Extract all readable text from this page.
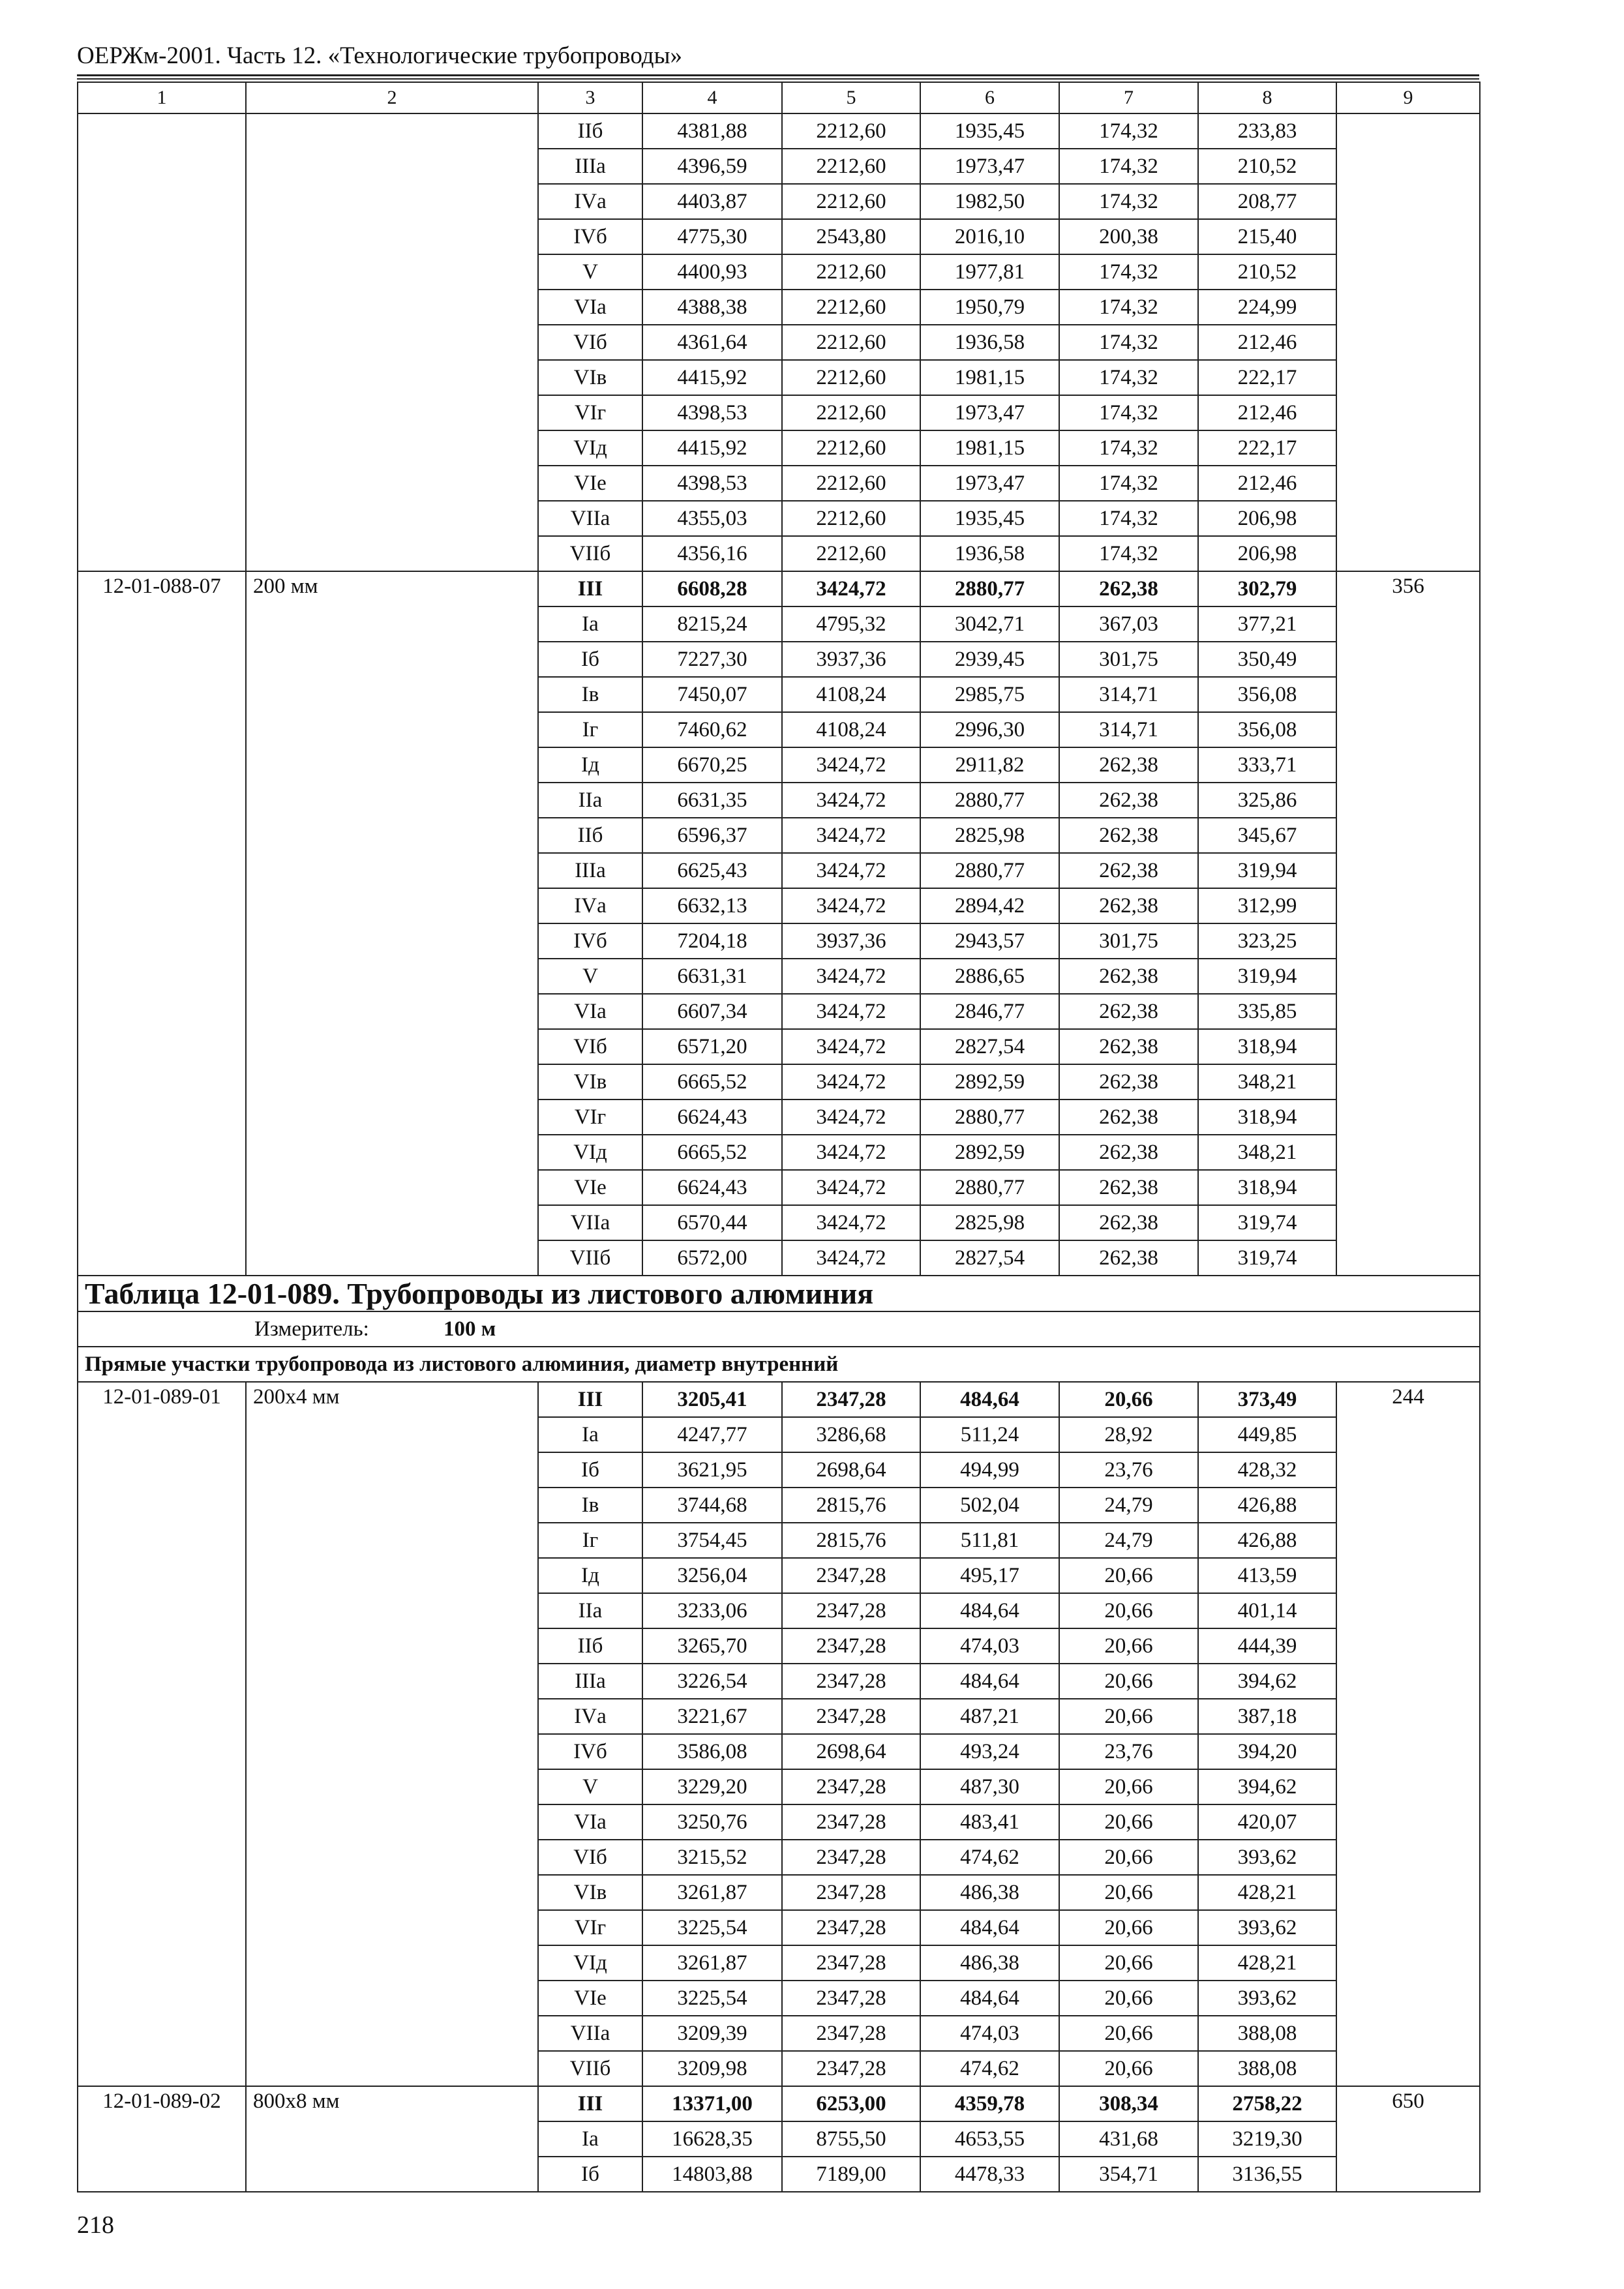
ОЕРЖм-2001. Часть 12. «Технологические трубопроводы»
1	2	3	4	5	6	7	8	9
		IIб	4381,88	2212,60	1935,45	174,32	233,83	
		IIIа	4396,59	2212,60	1973,47	174,32	210,52	
		IVа	4403,87	2212,60	1982,50	174,32	208,77	
		IVб	4775,30	2543,80	2016,10	200,38	215,40	
		V	4400,93	2212,60	1977,81	174,32	210,52	
		VIа	4388,38	2212,60	1950,79	174,32	224,99	
		VIб	4361,64	2212,60	1936,58	174,32	212,46	
		VIв	4415,92	2212,60	1981,15	174,32	222,17	
		VIг	4398,53	2212,60	1973,47	174,32	212,46	
		VIд	4415,92	2212,60	1981,15	174,32	222,17	
		VIе	4398,53	2212,60	1973,47	174,32	212,46	
		VIIа	4355,03	2212,60	1935,45	174,32	206,98	
		VIIб	4356,16	2212,60	1936,58	174,32	206,98	
12-01-088-07	200 мм	III	6608,28	3424,72	2880,77	262,38	302,79	356
		Iа	8215,24	4795,32	3042,71	367,03	377,21	
		Iб	7227,30	3937,36	2939,45	301,75	350,49	
		Iв	7450,07	4108,24	2985,75	314,71	356,08	
		Iг	7460,62	4108,24	2996,30	314,71	356,08	
		Iд	6670,25	3424,72	2911,82	262,38	333,71	
		IIа	6631,35	3424,72	2880,77	262,38	325,86	
		IIб	6596,37	3424,72	2825,98	262,38	345,67	
		IIIа	6625,43	3424,72	2880,77	262,38	319,94	
		IVа	6632,13	3424,72	2894,42	262,38	312,99	
		IVб	7204,18	3937,36	2943,57	301,75	323,25	
		V	6631,31	3424,72	2886,65	262,38	319,94	
		VIа	6607,34	3424,72	2846,77	262,38	335,85	
		VIб	6571,20	3424,72	2827,54	262,38	318,94	
		VIв	6665,52	3424,72	2892,59	262,38	348,21	
		VIг	6624,43	3424,72	2880,77	262,38	318,94	
		VIд	6665,52	3424,72	2892,59	262,38	348,21	
		VIе	6624,43	3424,72	2880,77	262,38	318,94	
		VIIа	6570,44	3424,72	2825,98	262,38	319,74	
		VIIб	6572,00	3424,72	2827,54	262,38	319,74	
Таблица 12-01-089. Трубопроводы из листового алюминия								
Измеритель: 100 м								
Прямые участки трубопровода из листового алюминия, диаметр внутренний								
12-01-089-01	200х4 мм	III	3205,41	2347,28	484,64	20,66	373,49	244
		Iа	4247,77	3286,68	511,24	28,92	449,85	
		Iб	3621,95	2698,64	494,99	23,76	428,32	
		Iв	3744,68	2815,76	502,04	24,79	426,88	
		Iг	3754,45	2815,76	511,81	24,79	426,88	
		Iд	3256,04	2347,28	495,17	20,66	413,59	
		IIа	3233,06	2347,28	484,64	20,66	401,14	
		IIб	3265,70	2347,28	474,03	20,66	444,39	
		IIIа	3226,54	2347,28	484,64	20,66	394,62	
		IVа	3221,67	2347,28	487,21	20,66	387,18	
		IVб	3586,08	2698,64	493,24	23,76	394,20	
		V	3229,20	2347,28	487,30	20,66	394,62	
		VIа	3250,76	2347,28	483,41	20,66	420,07	
		VIб	3215,52	2347,28	474,62	20,66	393,62	
		VIв	3261,87	2347,28	486,38	20,66	428,21	
		VIг	3225,54	2347,28	484,64	20,66	393,62	
		VIд	3261,87	2347,28	486,38	20,66	428,21	
		VIе	3225,54	2347,28	484,64	20,66	393,62	
		VIIа	3209,39	2347,28	474,03	20,66	388,08	
		VIIб	3209,98	2347,28	474,62	20,66	388,08	
12-01-089-02	800х8 мм	III	13371,00	6253,00	4359,78	308,34	2758,22	650
		Iа	16628,35	8755,50	4653,55	431,68	3219,30	
		Iб	14803,88	7189,00	4478,33	354,71	3136,55	
218
